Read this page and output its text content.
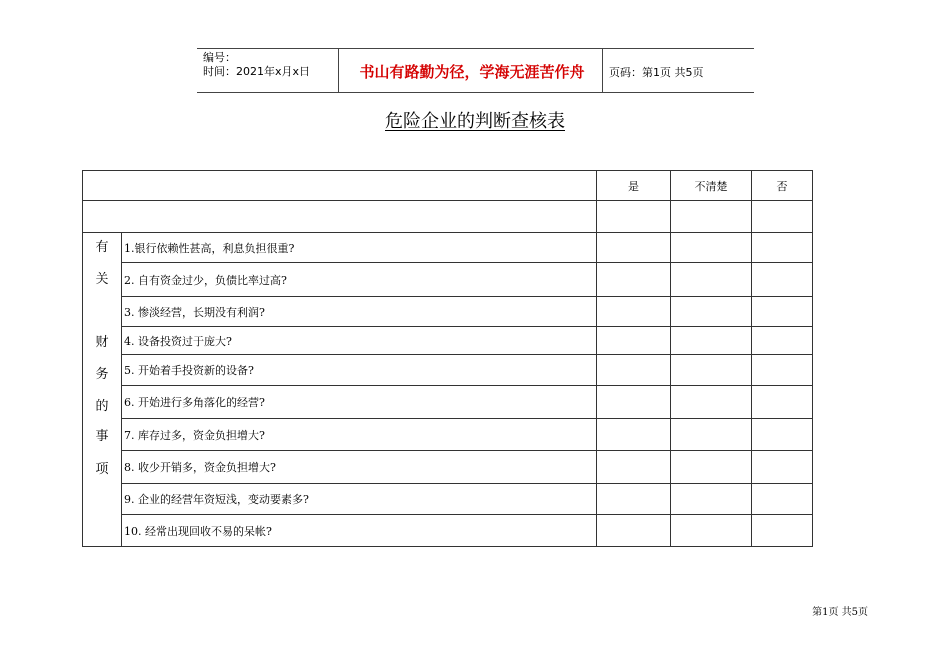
编号：
时间：2021年x月x日	书山有路勤为径，学海无涯苦作舟	页码：第1页 共5页
危险企业的判断查核表
是	不清楚	否
有
关
财
务
的
事
项
1.银行依赖性甚高，利息负担很重?
2. 自有资金过少，负债比率过高?
3. 惨淡经营，长期没有利润?
4. 设备投资过于庞大?
5. 开始着手投资新的设备?
6. 开始进行多角落化的经营?
7. 库存过多，资金负担增大?
8. 收少开销多，资金负担增大?
9. 企业的经营年资短浅，变动要素多?
10. 经常出现回收不易的呆帐?
第1页 共5页
